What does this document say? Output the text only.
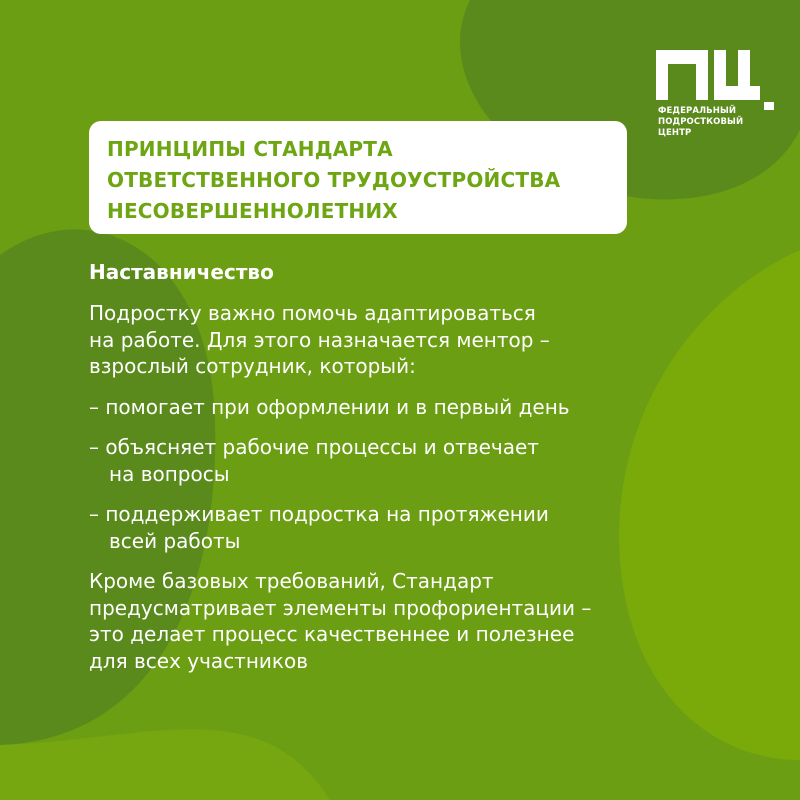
ФЕДЕРАЛЬНЫЙ
ПОДРОСТКОВЫЙ
ЦЕНТР
ПРИНЦИПЫ СТАНДАРТА
ОТВЕТСТВЕННОГО ТРУДОУСТРОЙСТВА
НЕСОВЕРШЕННОЛЕТНИХ
Наставничество

Подростку важно помочь адаптироваться
на работе. Для этого назначается ментор –
взрослый сотрудник, который:

– помогает при оформлении и в первый день
– объясняет рабочие процессы и отвечает
на вопросы
– поддерживает подростка на протяжении
всей работы

Кроме базовых требований, Стандарт
предусматривает элементы профориентации –
это делает процесс качественнее и полезнее
для всех участников
